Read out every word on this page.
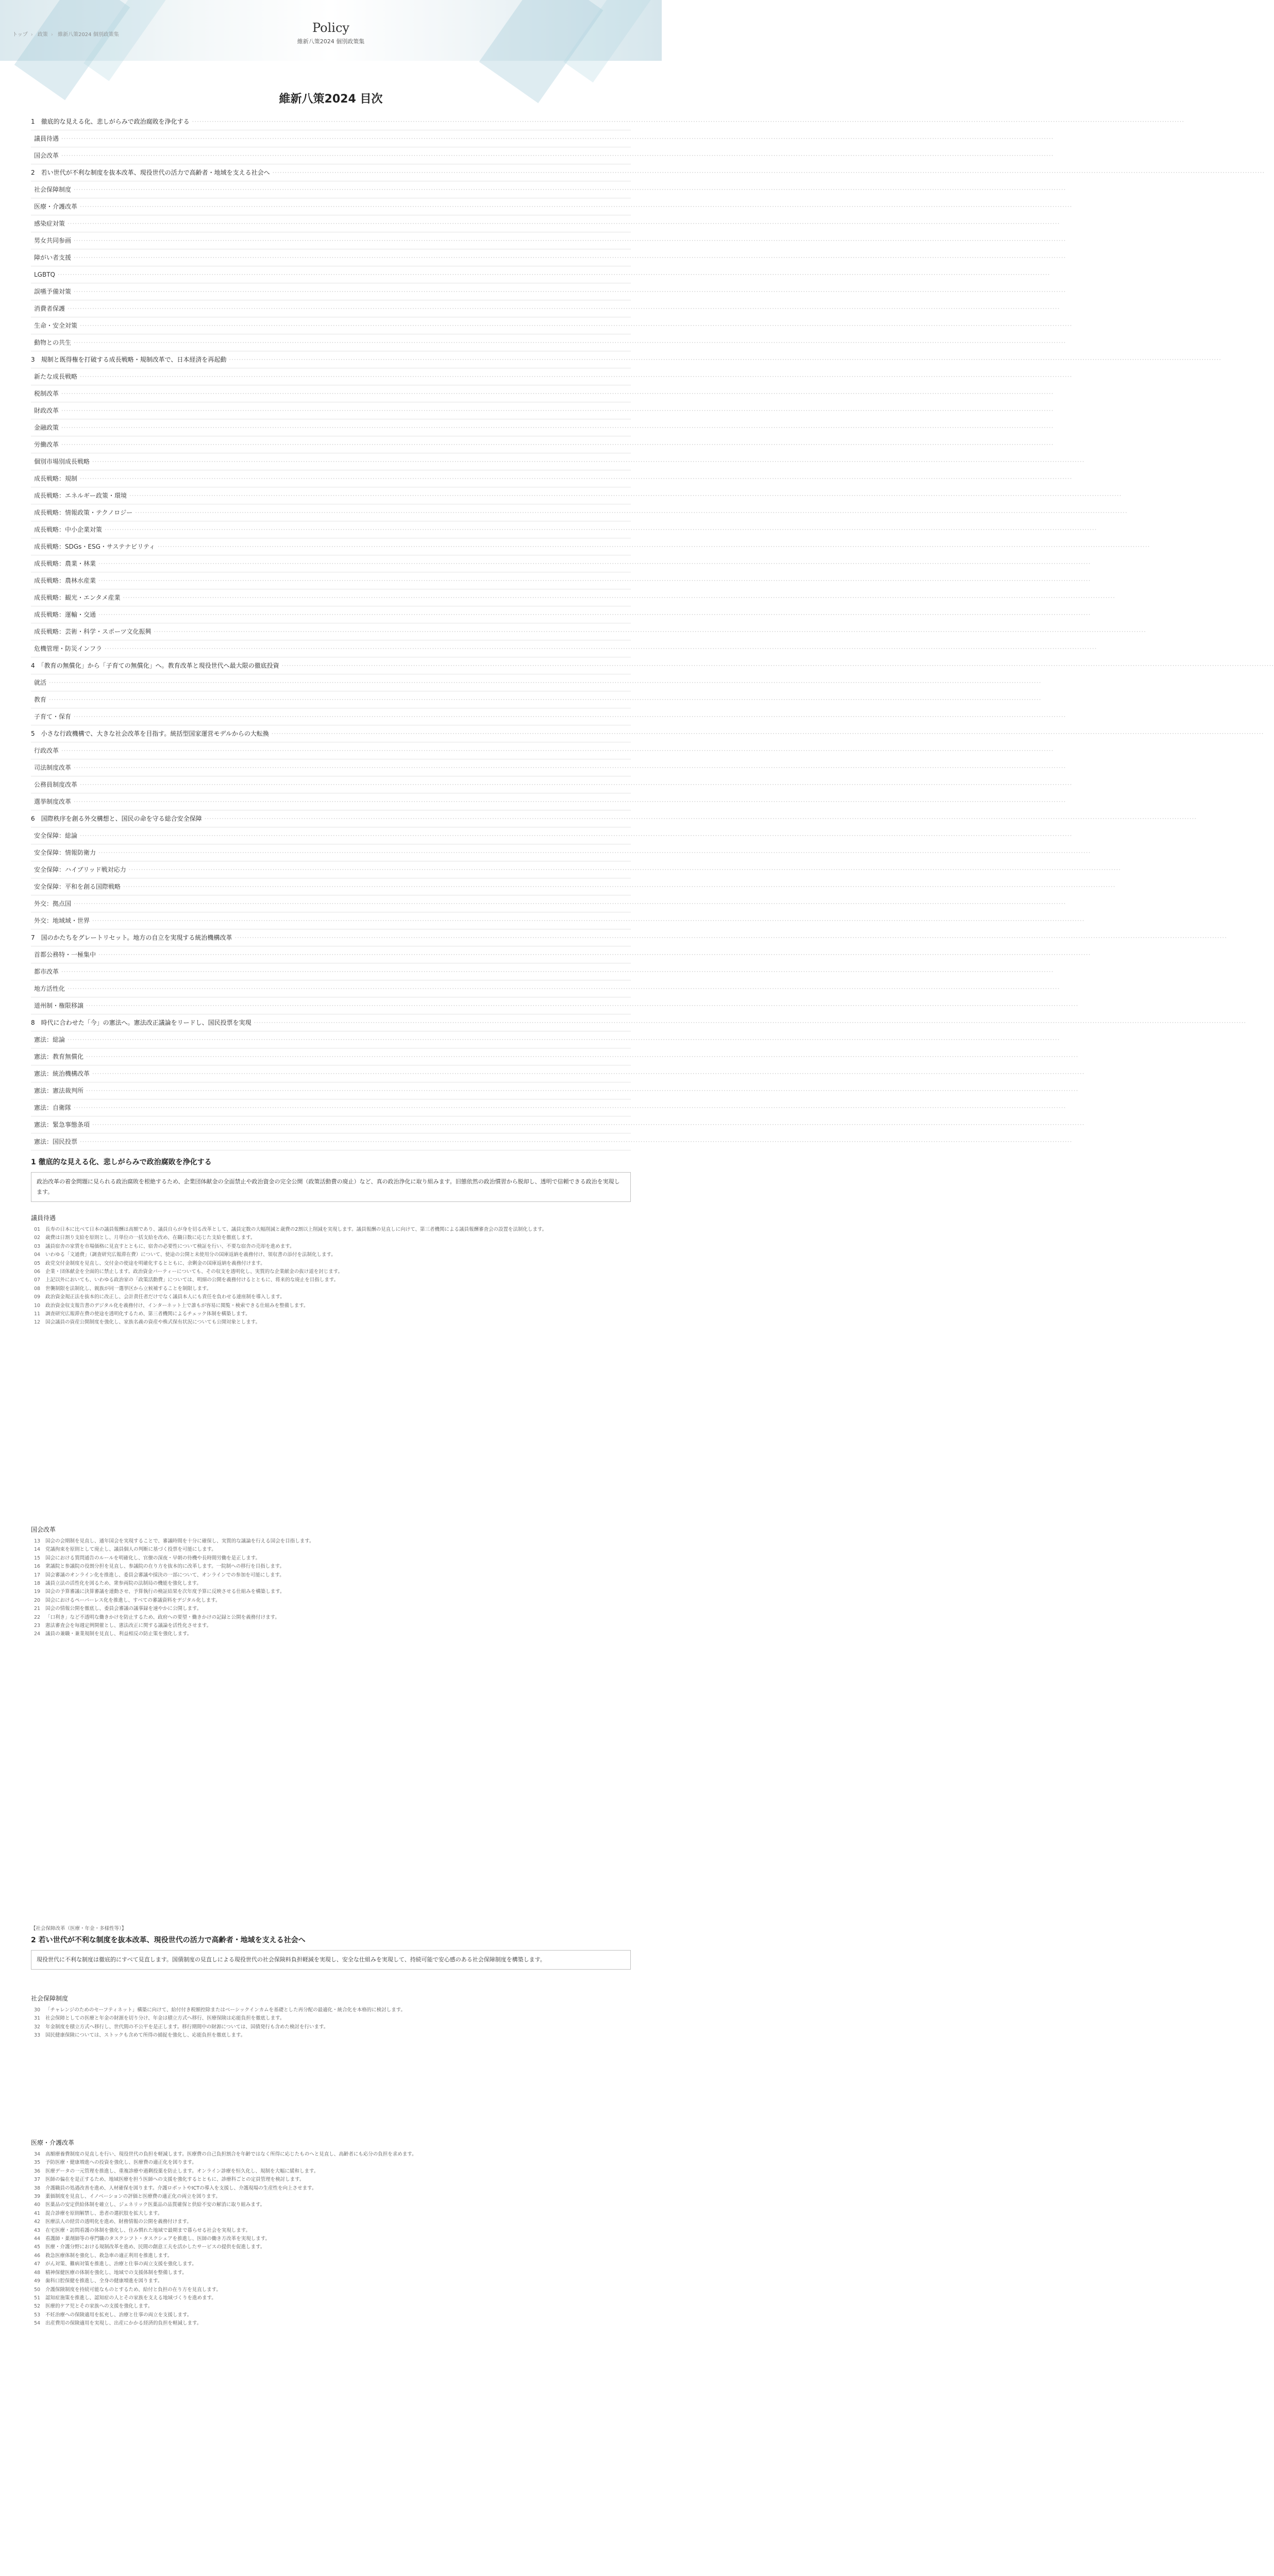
トップ › 政策 › 維新八策2024 個別政策集	Policy
維新八策2024 個別政策集
維新八策2024 目次
1　徹底的な見える化、悲しがらみで政治腐敗を浄化する ················································································································································································································································································································································································································
議員待遇 ················································································································································································································································································································································································································
国会改革 ················································································································································································································································································································································································································
2　若い世代が不利な制度を抜本改革、現役世代の活力で高齢者・地域を支える社会へ ················································································································································································································································································································································································································
社会保障制度 ················································································································································································································································································································································································································
医療・介護改革 ················································································································································································································································································································································································································
感染症対策 ················································································································································································································································································································································································································
男女共同参画 ················································································································································································································································································································································································································
障がい者支援 ················································································································································································································································································································································································································
LGBTQ ················································································································································································································································································································································································································
誤嚥予備対策 ················································································································································································································································································································································································································
消費者保護 ················································································································································································································································································································································································································
生命・安全対策 ················································································································································································································································································································································································································
動物との共生 ················································································································································································································································································································································································································
3　規制と既得権を打破する成長戦略・規制改革で、日本経済を再起動 ················································································································································································································································································································································································································
新たな成長戦略 ················································································································································································································································································································································································································
税制改革 ················································································································································································································································································································································································································
財政改革 ················································································································································································································································································································································································································
金融政策 ················································································································································································································································································································································································································
労働改革 ················································································································································································································································································································································································································
個別市場別成長戦略 ················································································································································································································································································································································································································
成長戦略：規制 ················································································································································································································································································································································································································
成長戦略：エネルギー政策・環境 ················································································································································································································································································································································································································
成長戦略：情報政策・テクノロジー ················································································································································································································································································································································································································
成長戦略：中小企業対策 ················································································································································································································································································································································································································
成長戦略：SDGs・ESG・サステナビリティ ················································································································································································································································································································································································································
成長戦略：農業・林業 ················································································································································································································································································································································································································
成長戦略：農林水産業 ················································································································································································································································································································································································································
成長戦略：観光・エンタメ産業 ················································································································································································································································································································································································································
成長戦略：運輸・交通 ················································································································································································································································································································································································································
成長戦略：芸術・科学・スポーツ文化振興 ················································································································································································································································································································································································································
危機管理・防災インフラ ················································································································································································································································································································································································································
4　「教育の無償化」から「子育ての無償化」へ。教育改革と現役世代へ最大限の徹底投資 ················································································································································································································································································································································································································
就活 ················································································································································································································································································································································································································
教育 ················································································································································································································································································································································································································
子育て・保育 ················································································································································································································································································································································································································
5　小さな行政機構で、大きな社会改革を目指す。統括型国家運営モデルからの大転換 ················································································································································································································································································································································································································
行政改革 ················································································································································································································································································································································································································
司法制度改革 ················································································································································································································································································································································································································
公務員制度改革 ················································································································································································································································································································································································································
選挙制度改革 ················································································································································································································································································································································································································
6　国際秩序を創る外交構想と、国民の命を守る総合安全保障 ················································································································································································································································································································································································································
安全保障：総論 ················································································································································································································································································································································································································
安全保障：情報防衛力 ················································································································································································································································································································································································································
安全保障：ハイブリッド戦対応力 ················································································································································································································································································································································································································
安全保障：平和を創る国際戦略 ················································································································································································································································································································································································································
外交：拠点国 ················································································································································································································································································································································································································
外交：地域域・世界 ················································································································································································································································································································································································································
7　国のかたちをグレートリセット。地方の自立を実現する統治機構改革 ················································································································································································································································································································································································································
首都公務特・一極集中 ················································································································································································································································································································································································································
都市改革 ················································································································································································································································································································································································································
地方活性化 ················································································································································································································································································································································································································
道州制・権限移譲 ················································································································································································································································································································································································································
8　時代に合わせた「今」の憲法へ。憲法改正議論をリードし、国民投票を実現 ················································································································································································································································································································································································································
憲法：総論 ················································································································································································································································································································································································································
憲法：教育無償化 ················································································································································································································································································································································································································
憲法：統治機構改革 ················································································································································································································································································································································································································
憲法：憲法裁判所 ················································································································································································································································································································································································································
憲法：自衛隊 ················································································································································································································································································································································································································
憲法：緊急事態条項 ················································································································································································································································································································································································································
憲法：国民投票 ················································································································································································································································································································································································································
1 徹底的な見える化、悲しがらみで政治腐敗を浄化する
政治改革の着金問題に見られる政治腐敗を根絶するため、企業団体献金の全面禁止や政治資金の完全公開（政策活動費の廃止）など、真の政治浄化に取り組みます。旧態依然の政治慣習から脱却し、透明で信頼できる政治を実現します。
議員待遇

01 長寿の日本に比べて日本の議員報酬は高額であり、議員自らが身を切る改革として、議員定数の大幅削減と歳費の2割以上削減を実現します。議員報酬の見直しに向けて、第三者機関による議員報酬審査会の設置を法制化します。

02 歳費は日割り支給を原則とし、月単位の一括支給を改め、在職日数に応じた支給を徹底します。

03 議員宿舎の家賃を市場価格に見直すとともに、宿舎の必要性について検証を行い、不要な宿舎の売却を進めます。

04 いわゆる「文通費」（調査研究広報滞在費）について、使途の公開と未使用分の国庫返納を義務付け、領収書の添付を法制化します。

05 政党交付金制度を見直し、交付金の使途を明確化するとともに、余剰金の国庫返納を義務付けます。

06 企業・団体献金を全面的に禁止します。政治資金パーティーについても、その収支を透明化し、実質的な企業献金の抜け道を封じます。

07 上記以外においても、いわゆる政治家の「政策活動費」については、明細の公開を義務付けるとともに、将来的な廃止を目指します。

08 世襲制限を法制化し、親族が同一選挙区から立候補することを制限します。

09 政治資金規正法を抜本的に改正し、会計責任者だけでなく議員本人にも責任を負わせる連座制を導入します。

10 政治資金収支報告書のデジタル化を義務付け、インターネット上で誰もが容易に閲覧・検索できる仕組みを整備します。

11 調査研究広報滞在費の使途を透明化するため、第三者機関によるチェック体制を構築します。

12 国会議員の資産公開制度を強化し、家族名義の資産や株式保有状況についても公開対象とします。

国会改革

13 国会の会期制を見直し、通年国会を実現することで、審議時間を十分に確保し、実質的な議論を行える国会を目指します。

14 党議拘束を原則として廃止し、議員個人の判断に基づく投票を可能にします。

15 国会における質問通告のルールを明確化し、官僚の深夜・早朝の待機や長時間労働を是正します。

16 衆議院と参議院の役割分担を見直し、参議院の在り方を抜本的に改革します。一院制への移行を目指します。

17 国会審議のオンライン化を推進し、委員会審議や採決の一部について、オンラインでの参加を可能にします。

18 議員立法の活性化を図るため、衆参両院の法制局の機能を強化します。

19 国会の予算審議に決算審議を連動させ、予算執行の検証結果を次年度予算に反映させる仕組みを構築します。

20 国会におけるペーパーレス化を推進し、すべての審議資料をデジタル化します。

21 国会の情報公開を徹底し、委員会審議の議事録を速やかに公開します。

22 「口利き」など不透明な働きかけを防止するため、政府への要望・働きかけの記録と公開を義務付けます。

23 憲法審査会を毎週定例開催とし、憲法改正に関する議論を活性化させます。

24 議員の兼職・兼業規制を見直し、利益相反の防止策を強化します。

【社会保障改革（医療・年金・多様性等）】
2 若い世代が不利な制度を抜本改革、現役世代の活力で高齢者・地域を支える社会へ
現役世代に不利な制度は徹底的にすべて見直します。国債制度の見直しによる現役世代の社会保険料負担軽減を実現し、安全な仕組みを実現して、持続可能で安心感のある社会保障制度を構築します。
社会保障制度

30 「チャレンジのためのセーフティネット」構築に向けて、給付付き税額控除またはベーシックインカムを基礎とした再分配の最適化・統合化を本格的に検討します。

31 社会保障としての医療と年金の財源を切り分け、年金は積立方式へ移行、医療保険は応能負担を徹底します。

32 年金制度を積立方式へ移行し、世代間の不公平を是正します。移行期間中の財源については、国債発行も含めた検討を行います。

33 国民健康保険については、ストックも含めて所得の捕捉を強化し、応能負担を徹底します。

医療・介護改革

34 高額療養費制度の見直しを行い、現役世代の負担を軽減します。医療費の自己負担割合を年齢ではなく所得に応じたものへと見直し、高齢者にも応分の負担を求めます。

35 予防医療・健康増進への投資を強化し、医療費の適正化を図ります。

36 医療データの一元管理を推進し、重複診療や過剰投薬を防止します。オンライン診療を恒久化し、規制を大幅に緩和します。

37 医師の偏在を是正するため、地域医療を担う医師への支援を強化するとともに、診療科ごとの定員管理を検討します。

38 介護職員の処遇改善を進め、人材確保を図ります。介護ロボットやICTの導入を支援し、介護現場の生産性を向上させます。

39 薬価制度を見直し、イノベーションの評価と医療費の適正化の両立を図ります。

40 医薬品の安定供給体制を確立し、ジェネリック医薬品の品質確保と供給不安の解消に取り組みます。

41 混合診療を原則解禁し、患者の選択肢を拡大します。

42 医療法人の経営の透明化を進め、財務情報の公開を義務付けます。

43 在宅医療・訪問看護の体制を強化し、住み慣れた地域で最期まで暮らせる社会を実現します。

44 看護師・薬剤師等の専門職のタスクシフト・タスクシェアを推進し、医師の働き方改革を実現します。

45 医療・介護分野における規制改革を進め、民間の創意工夫を活かしたサービスの提供を促進します。

46 救急医療体制を強化し、救急車の適正利用を推進します。

47 がん対策、難病対策を推進し、治療と仕事の両立支援を強化します。

48 精神保健医療の体制を強化し、地域での支援体制を整備します。

49 歯科口腔保健を推進し、全身の健康増進を図ります。

50 介護保険制度を持続可能なものとするため、給付と負担の在り方を見直します。

51 認知症施策を推進し、認知症の人とその家族を支える地域づくりを進めます。

52 医療的ケア児とその家族への支援を強化します。

53 不妊治療への保険適用を拡充し、治療と仕事の両立を支援します。

54 出産費用の保険適用を実現し、出産にかかる経済的負担を軽減します。
